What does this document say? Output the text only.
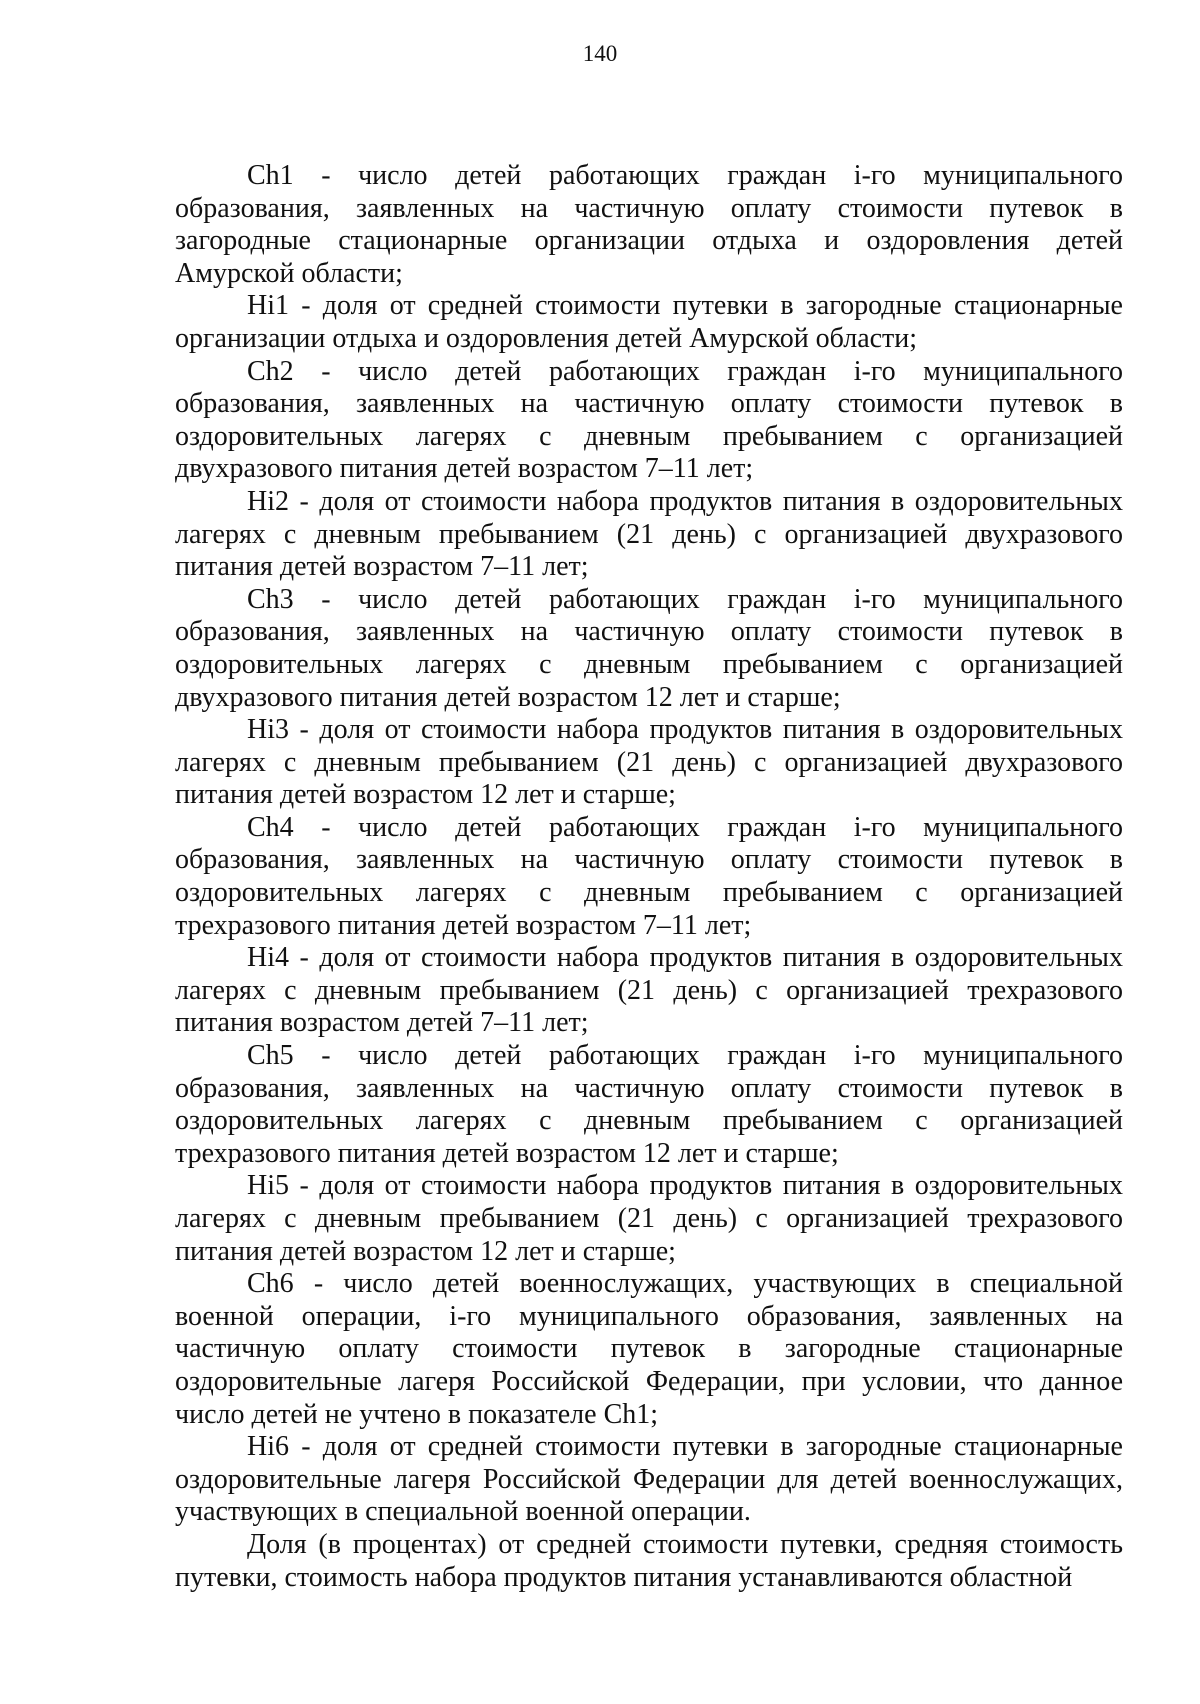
140

Ch1 - число детей работающих граждан i-го муниципального образования, заявленных на частичную оплату стоимости путевок в загородные стационарные организации отдыха и оздоровления детей Амурской области;

Hi1 - доля от средней стоимости путевки в загородные стационарные организации отдыха и оздоровления детей Амурской области;

Ch2 - число детей работающих граждан i-го муниципального образования, заявленных на частичную оплату стоимости путевок в оздоровительных лагерях с дневным пребыванием с организацией двухразового питания детей возрастом 7–11 лет;

Hi2 - доля от стоимости набора продуктов питания в оздоровительных лагерях с дневным пребыванием (21 день) с организацией двухразового питания детей возрастом 7–11 лет;

Ch3 - число детей работающих граждан i-го муниципального образования, заявленных на частичную оплату стоимости путевок в оздоровительных лагерях с дневным пребыванием с организацией двухразового питания детей возрастом 12 лет и старше;

Hi3 - доля от стоимости набора продуктов питания в оздоровительных лагерях с дневным пребыванием (21 день) с организацией двухразового питания детей возрастом 12 лет и старше;

Ch4 - число детей работающих граждан i-го муниципального образования, заявленных на частичную оплату стоимости путевок в оздоровительных лагерях с дневным пребыванием с организацией трехразового питания детей возрастом 7–11 лет;

Hi4 - доля от стоимости набора продуктов питания в оздоровительных лагерях с дневным пребыванием (21 день) с организацией трехразового питания возрастом детей 7–11 лет;

Ch5 - число детей работающих граждан i-го муниципального образования, заявленных на частичную оплату стоимости путевок в оздоровительных лагерях с дневным пребыванием с организацией трехразового питания детей возрастом 12 лет и старше;

Hi5 - доля от стоимости набора продуктов питания в оздоровительных лагерях с дневным пребыванием (21 день) с организацией трехразового питания детей возрастом 12 лет и старше;

Ch6 - число детей военнослужащих, участвующих в специальной военной операции, i-го муниципального образования, заявленных на частичную оплату стоимости путевок в загородные стационарные оздоровительные лагеря Российской Федерации, при условии, что данное число детей не учтено в показателе Ch1;

Hi6 - доля от средней стоимости путевки в загородные стационарные оздоровительные лагеря Российской Федерации для детей военнослужащих, участвующих в специальной военной операции.

Доля (в процентах) от средней стоимости путевки, средняя стоимость путевки, стоимость набора продуктов питания устанавливаются областной
